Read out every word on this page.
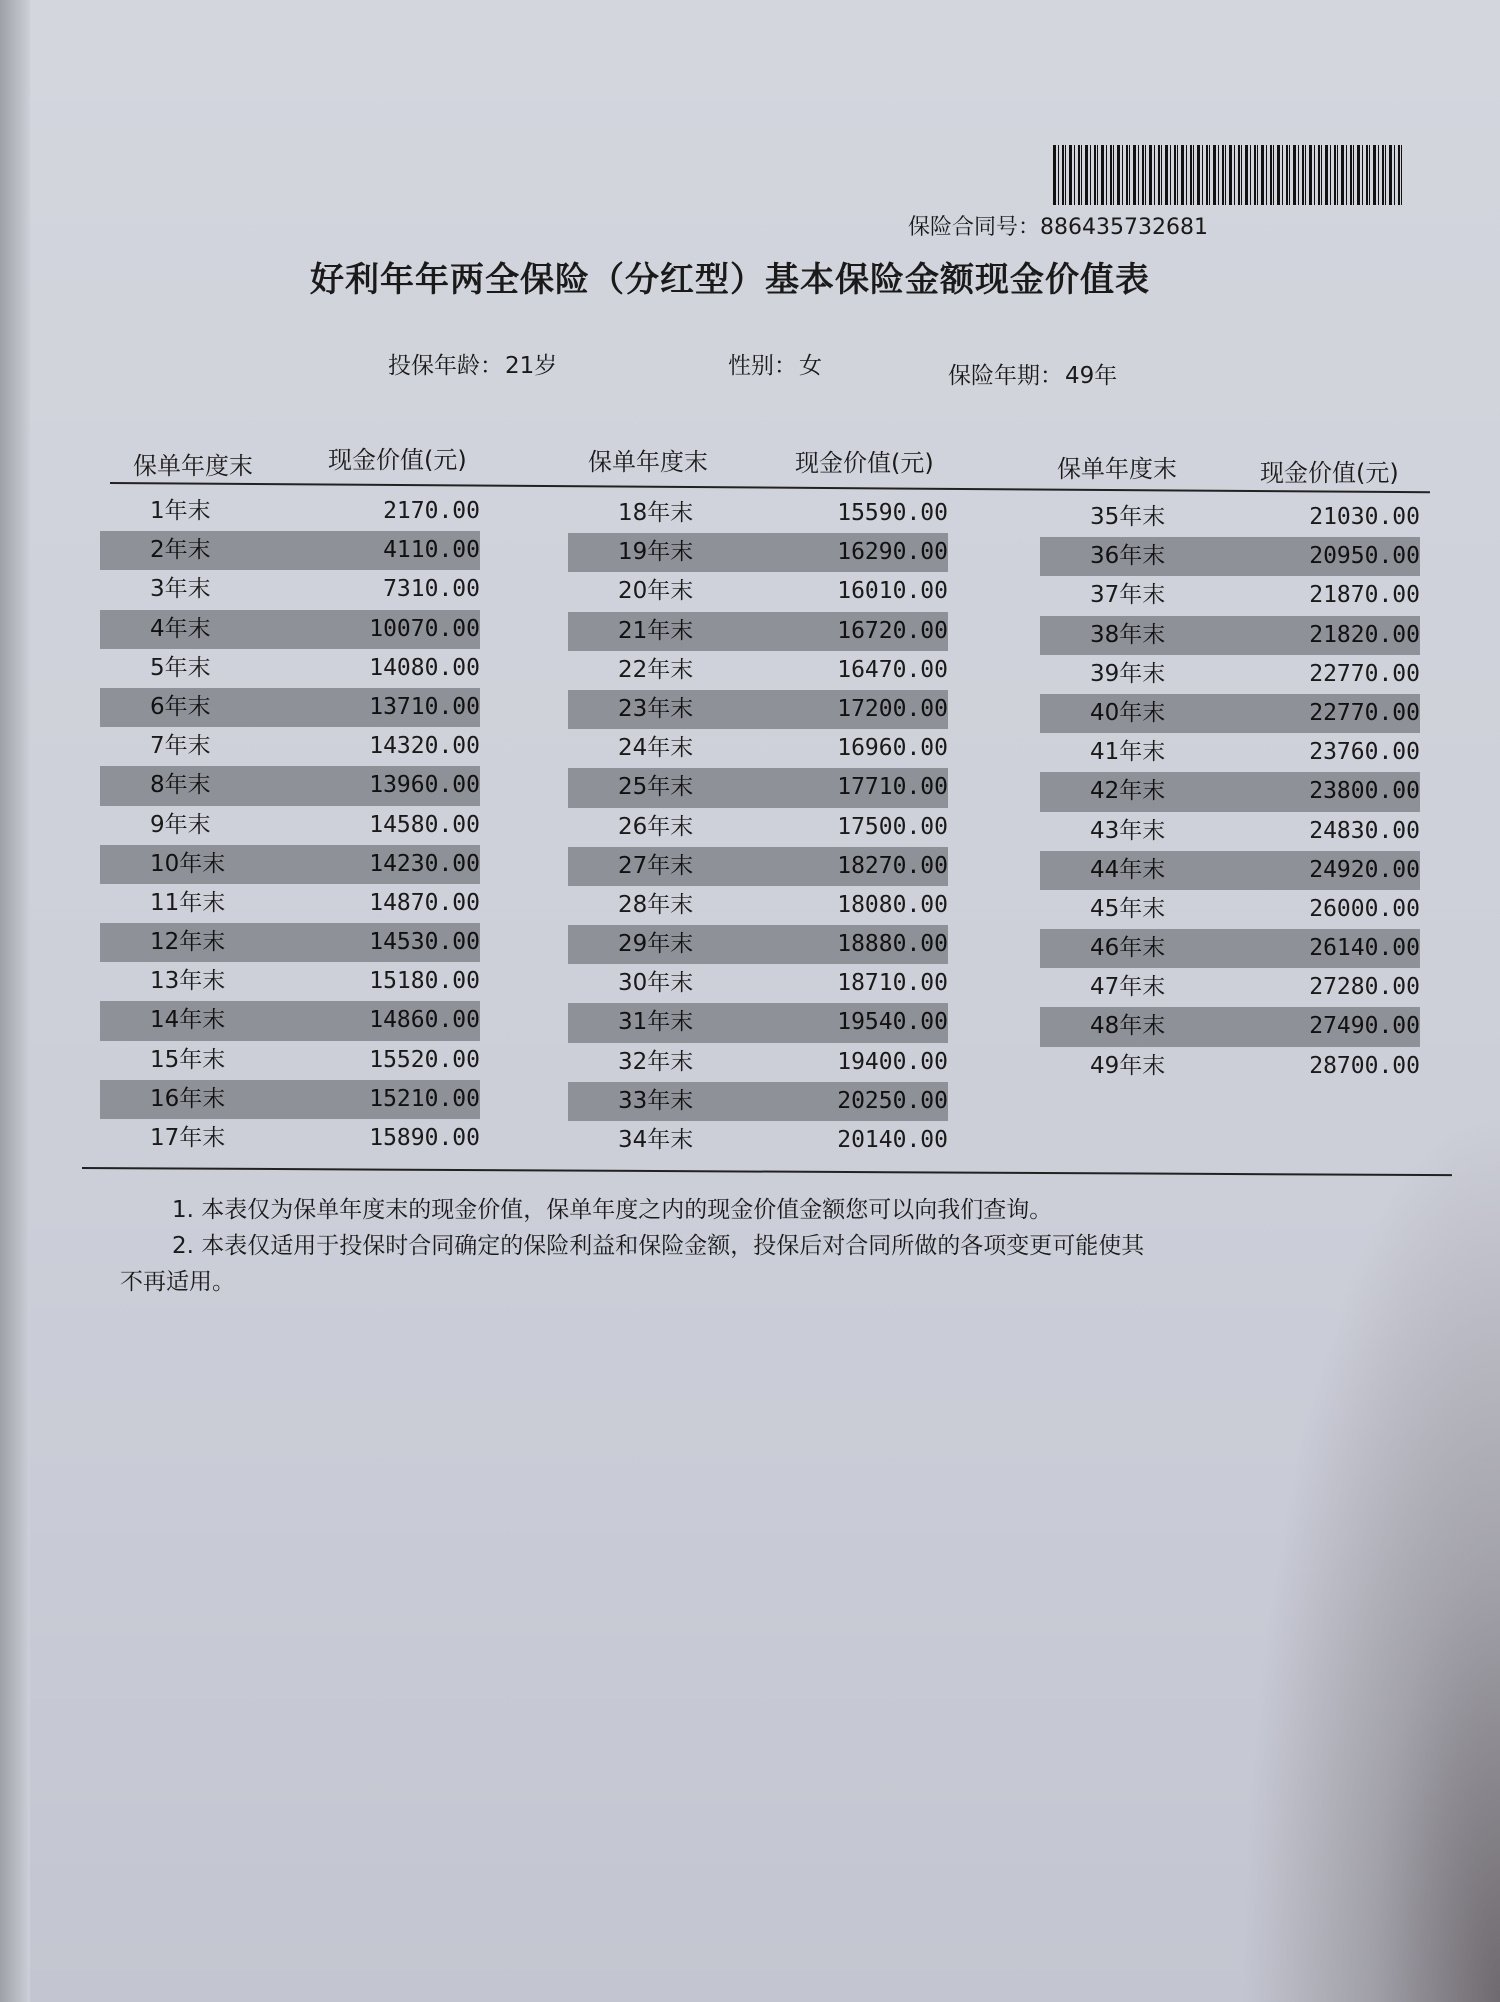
保险合同号：886435732681
好利年年两全保险（分红型）基本保险金额现金价值表
投保年龄：21岁	性别：女	保险年期：49年
保单年度末	现金价值(元)	保单年度末	现金价值(元)	保单年度末	现金价值(元)
1年末	2170.00
2年末	4110.00
3年末	7310.00
4年末	10070.00
5年末	14080.00
6年末	13710.00
7年末	14320.00
8年末	13960.00
9年末	14580.00
10年末	14230.00
11年末	14870.00
12年末	14530.00
13年末	15180.00
14年末	14860.00
15年末	15520.00
16年末	15210.00
17年末	15890.00
18年末	15590.00
19年末	16290.00
20年末	16010.00
21年末	16720.00
22年末	16470.00
23年末	17200.00
24年末	16960.00
25年末	17710.00
26年末	17500.00
27年末	18270.00
28年末	18080.00
29年末	18880.00
30年末	18710.00
31年末	19540.00
32年末	19400.00
33年末	20250.00
34年末	20140.00
35年末	21030.00
36年末	20950.00
37年末	21870.00
38年末	21820.00
39年末	22770.00
40年末	22770.00
41年末	23760.00
42年末	23800.00
43年末	24830.00
44年末	24920.00
45年末	26000.00
46年末	26140.00
47年末	27280.00
48年末	27490.00
49年末	28700.00
1. 本表仅为保单年度末的现金价值，保单年度之内的现金价值金额您可以向我们查询。
2. 本表仅适用于投保时合同确定的保险利益和保险金额，投保后对合同所做的各项变更可能使其
不再适用。
